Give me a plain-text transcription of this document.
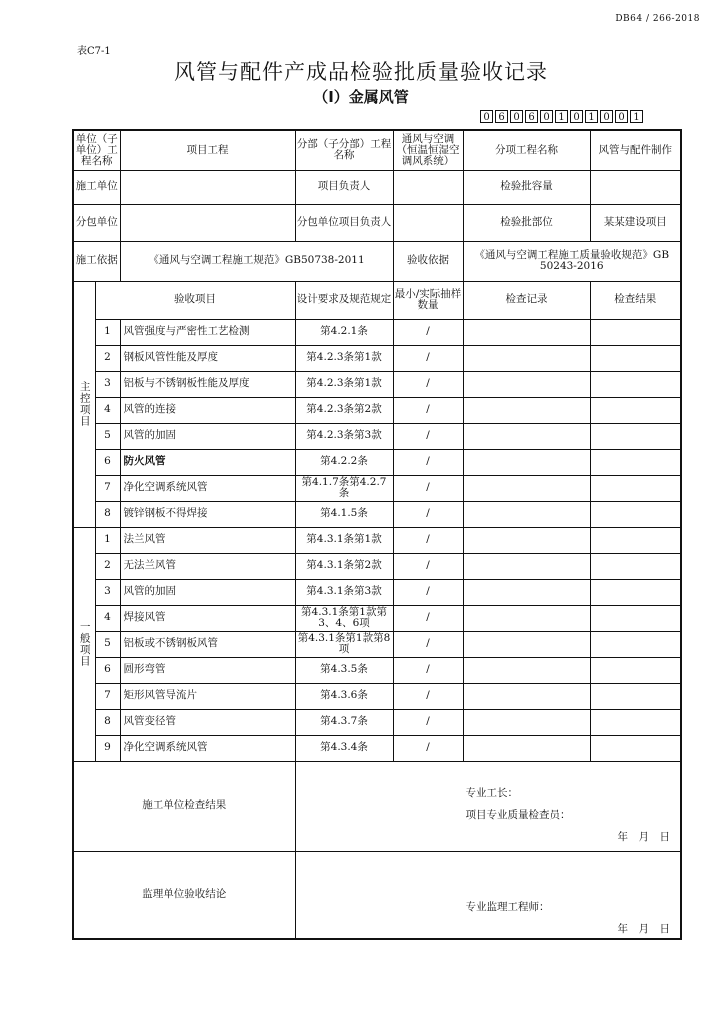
DB64 / 266-2018
表C7-1
风管与配件产成品检验批质量验收记录
（I）金属风管
0 6 0 6 0 1 0 1 0 0 1
单位（子单位）工程名称		项目工程	分部（子分部）工程名称	通风与空调（恒温恒湿空调风系统）	分项工程名称	风管与配件制作
施工单位			项目负责人		检验批容量	
分包单位			分包单位项目负责人		检验批部位	某某建设项目
施工依据		《通风与空调工程施工规范》GB50738-2011		验收依据	《通风与空调工程施工质量验收规范》GB 50243-2016	
主控项目	验收项目		设计要求及规范规定	最小/实际抽样数量	检查记录	检查结果
	1	风管强度与严密性工艺检测	第4.2.1条	/		
	2	钢板风管性能及厚度	第4.2.3条第1款	/		
	3	铝板与不锈钢板性能及厚度	第4.2.3条第1款	/		
	4	风管的连接	第4.2.3条第2款	/		
	5	风管的加固	第4.2.3条第3款	/		
	6	防火风管	第4.2.2条	/		
	7	净化空调系统风管	第4.1.7条第4.2.7条	/		
	8	镀锌钢板不得焊接	第4.1.5条	/		
一般项目	1	法兰风管	第4.3.1条第1款	/		
	2	无法兰风管	第4.3.1条第2款	/		
	3	风管的加固	第4.3.1条第3款	/		
	4	焊接风管	第4.3.1条第1款第3、4、6项	/		
	5	铝板或不锈钢板风管	第4.3.1条第1款第8项	/		
	6	圆形弯管	第4.3.5条	/		
	7	矩形风管导流片	第4.3.6条	/		
	8	风管变径管	第4.3.7条	/		
	9	净化空调系统风管	第4.3.4条	/		
施工单位检查结果			专业工长：
项目专业质量检查员：
年　月　日			

监理单位验收结论			专业监理工程师：
年　月　日			
